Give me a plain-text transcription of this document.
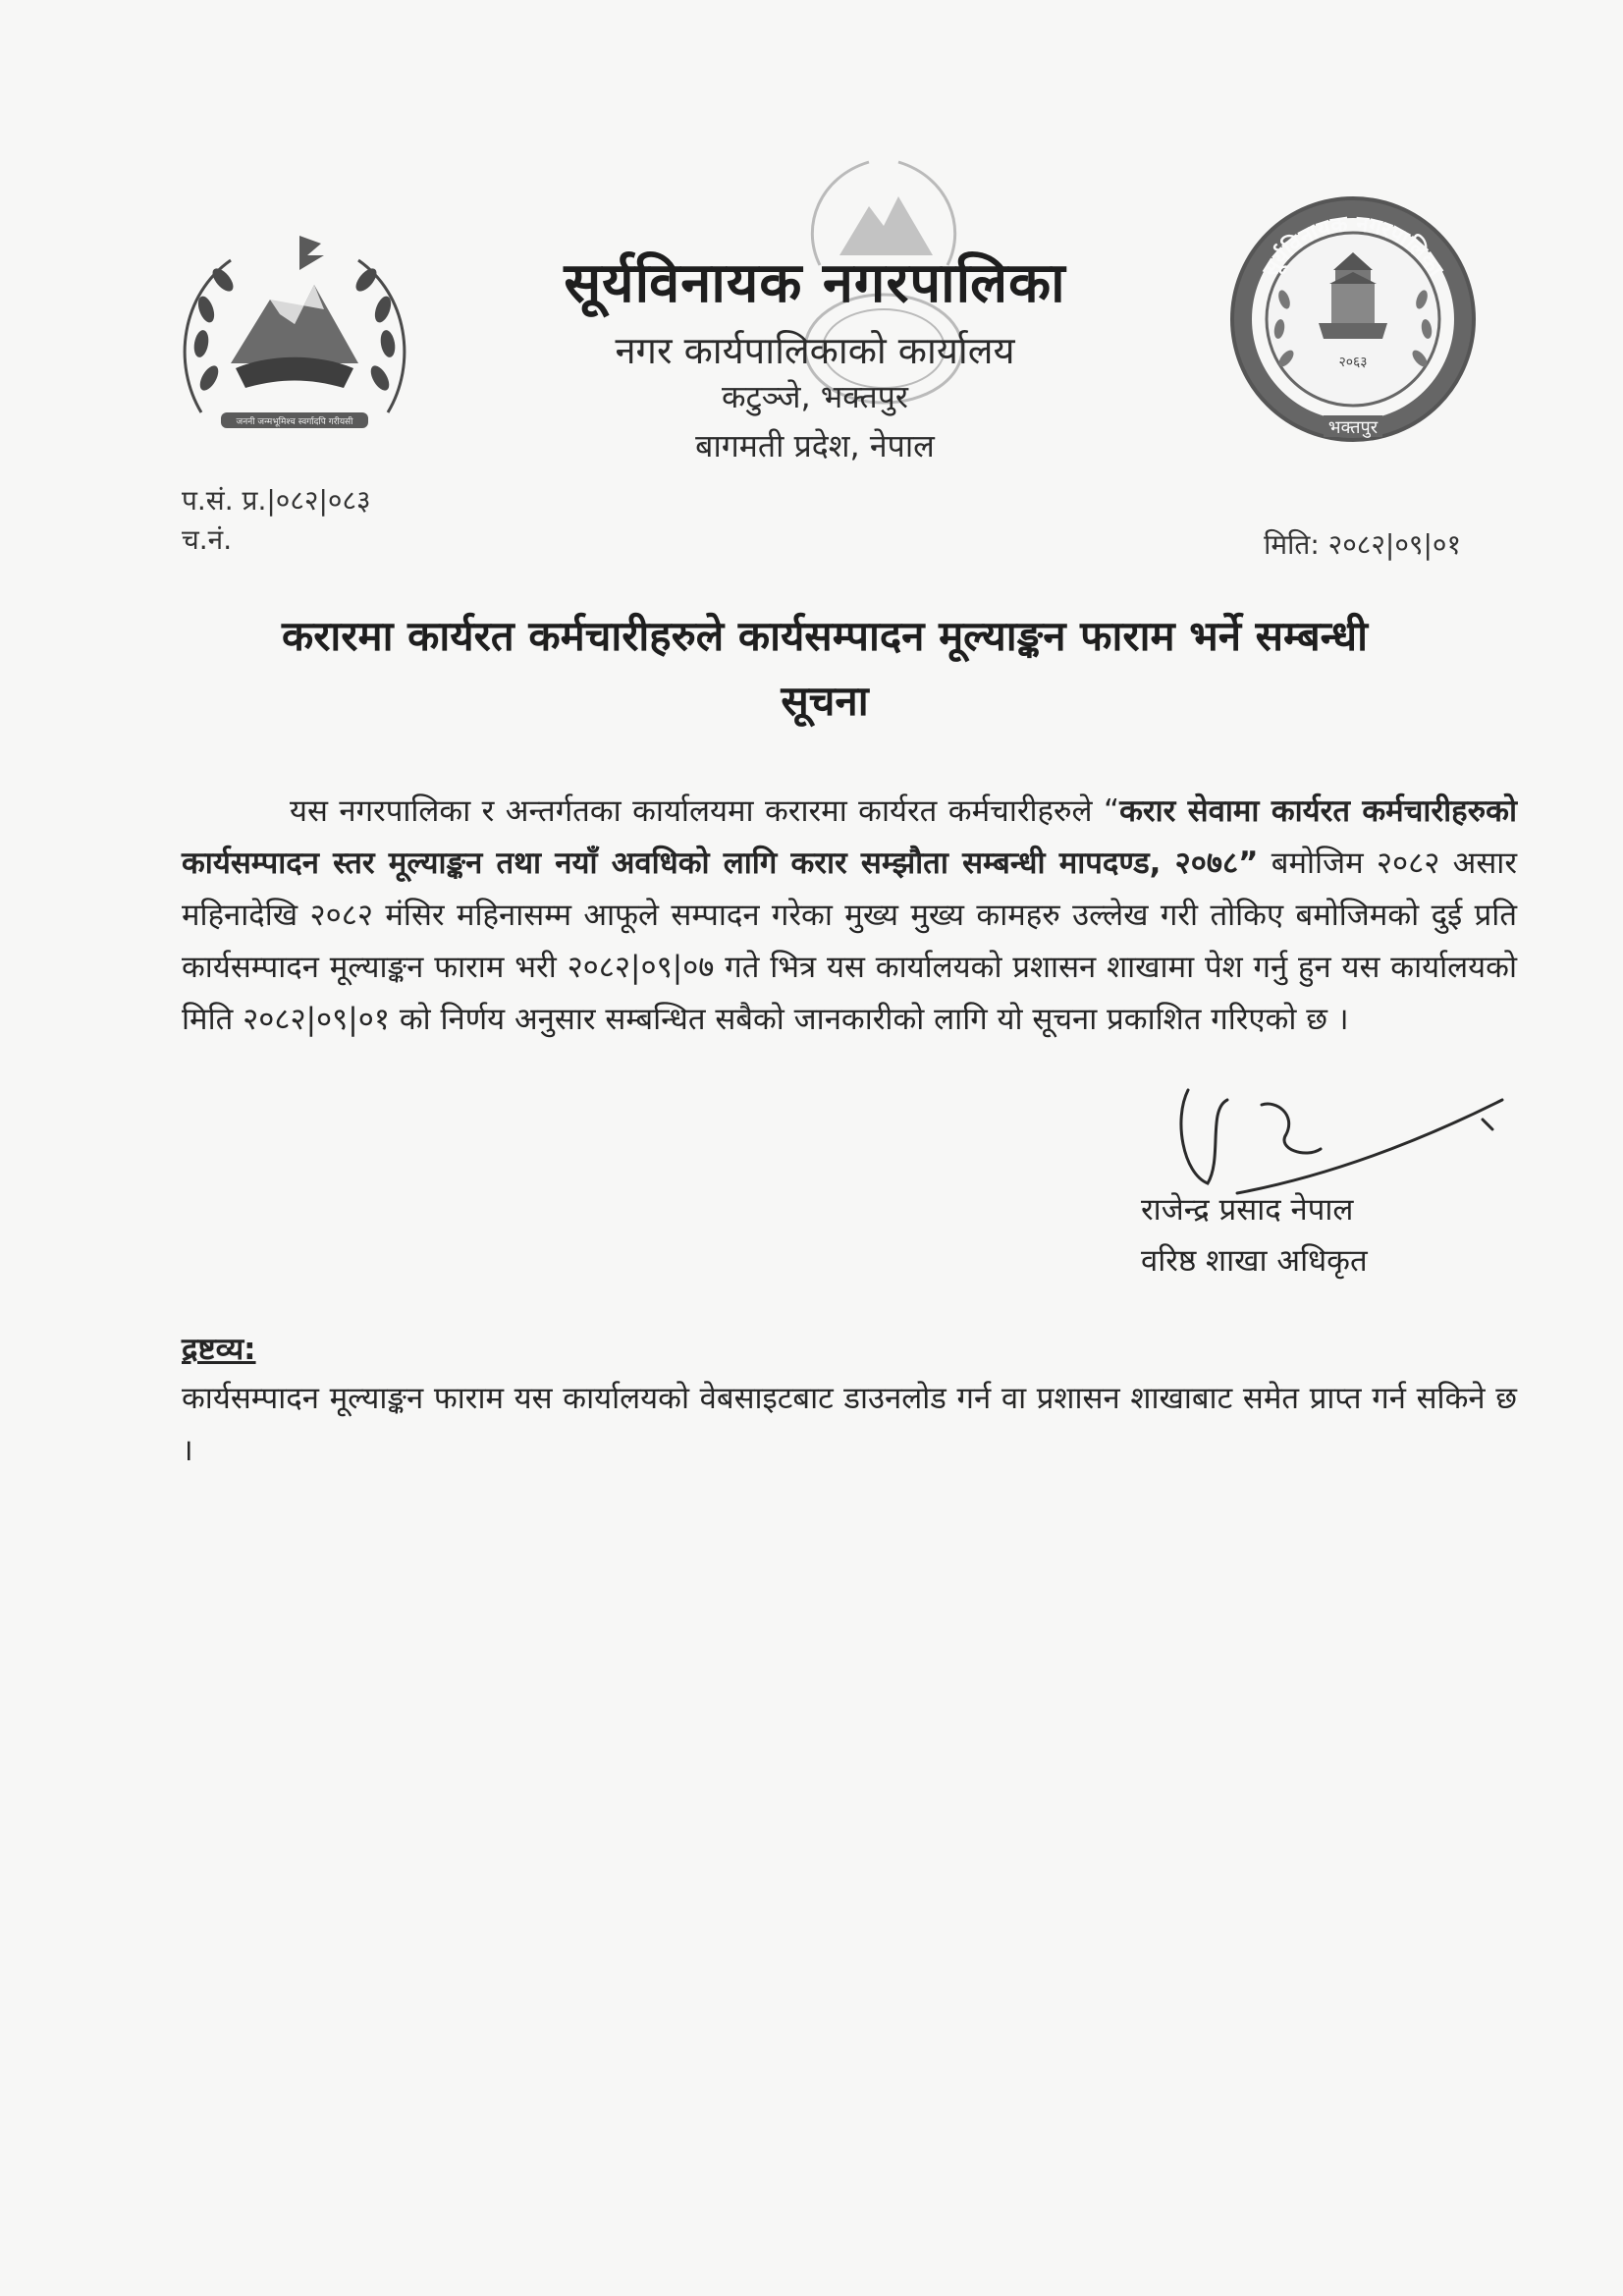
जननी जन्मभूमिश्च स्वर्गादपि गरीयसी
सूर्यविनायक नगरपालिका
भक्तपुर
२०६३
सूर्यविनायक नगरपालिका
नगर कार्यपालिकाको कार्यालय
कटुञ्जे, भक्तपुर
बागमती प्रदेश, नेपाल
प.सं. प्र.|०८२|०८३
च.नं.	मिति: २०८२|०९|०१
करारमा कार्यरत कर्मचारीहरुले कार्यसम्पादन मूल्याङ्कन फाराम भर्ने सम्बन्धी
सूचना
यस नगरपालिका र अन्तर्गतका कार्यालयमा करारमा कार्यरत कर्मचारीहरुले “करार सेवामा कार्यरत कर्मचारीहरुको कार्यसम्पादन स्तर मूल्याङ्कन तथा नयाँ अवधिको लागि करार सम्झौता सम्बन्धी मापदण्ड, २०७८” बमोजिम २०८२ असार महिनादेखि २०८२ मंसिर महिनासम्म आफूले सम्पादन गरेका मुख्य मुख्य कामहरु उल्लेख गरी तोकिए बमोजिमको दुई प्रति कार्यसम्पादन मूल्याङ्कन फाराम भरी २०८२|०९|०७ गते भित्र यस कार्यालयको प्रशासन शाखामा पेश गर्नु हुन यस कार्यालयको मिति २०८२|०९|०१ को निर्णय अनुसार सम्बन्धित सबैको जानकारीको लागि यो सूचना प्रकाशित गरिएको छ ।
राजेन्द्र प्रसाद नेपाल
वरिष्ठ शाखा अधिकृत
द्रष्टव्य:
कार्यसम्पादन मूल्याङ्कन फाराम यस कार्यालयको वेबसाइटबाट डाउनलोड गर्न वा प्रशासन शाखाबाट समेत प्राप्त गर्न सकिने छ ।
